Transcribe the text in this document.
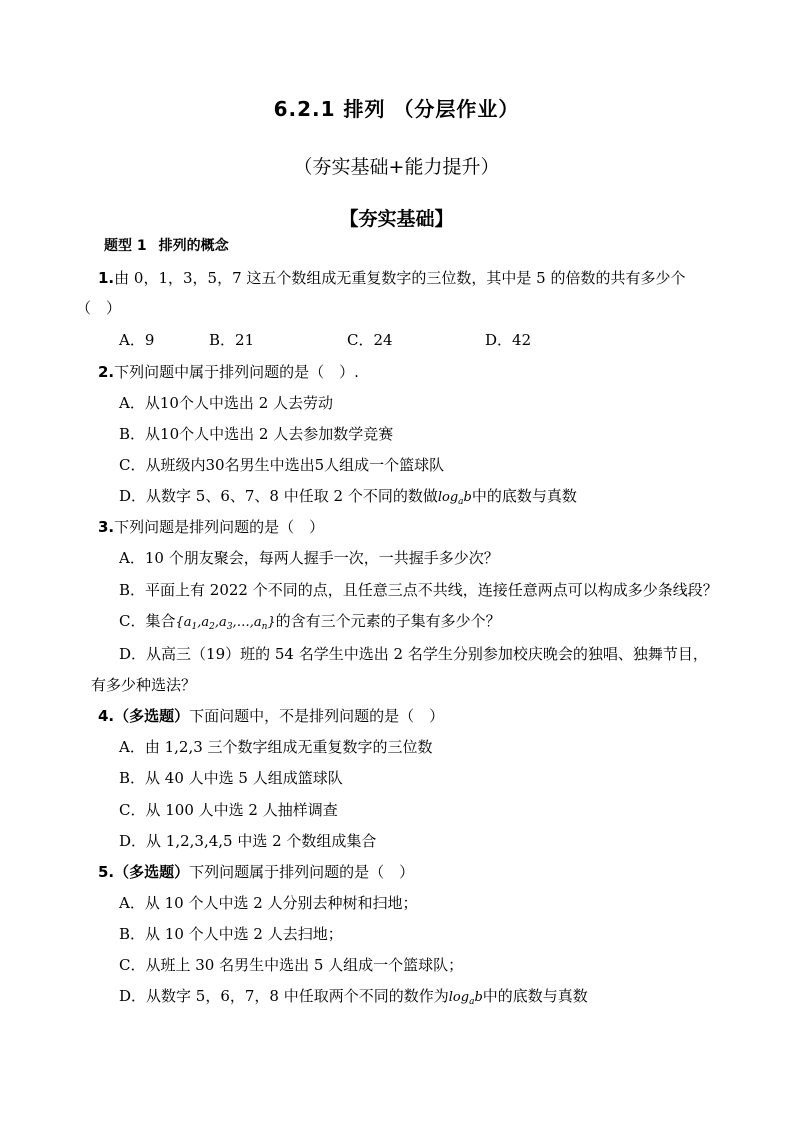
6.2.1 排列 （分层作业）
（夯实基础+能力提升）
【夯实基础】
题型 1 排列的概念
1.由 0，1，3，5，7 这五个数组成无重复数字的三位数，其中是 5 的倍数的共有多少个
（　）
A．9	B．21	C．24	D．42
2.下列问题中属于排列问题的是（　）.
A．从10个人中选出 2 人去劳动
B．从10个人中选出 2 人去参加数学竞赛
C．从班级内30名男生中选出5人组成一个篮球队
D．从数字 5、6、7、8 中任取 2 个不同的数做$\log_ab$中的底数与真数
3.下列问题是排列问题的是（　）
A．10 个朋友聚会，每两人握手一次，一共握手多少次？
B．平面上有 2022 个不同的点，且任意三点不共线，连接任意两点可以构成多少条线段？
C．集合$\{a_1,a_2,a_3,\dots,a_n\}$的含有三个元素的子集有多少个？
D．从高三（19）班的 54 名学生中选出 2 名学生分别参加校庆晚会的独唱、独舞节目，
有多少种选法？
4.（多选题）下面问题中，不是排列问题的是（　）
A．由 1,2,3 三个数字组成无重复数字的三位数
B．从 40 人中选 5 人组成篮球队
C．从 100 人中选 2 人抽样调查
D．从 1,2,3,4,5 中选 2 个数组成集合
5.（多选题）下列问题属于排列问题的是（　）
A．从 10 个人中选 2 人分别去种树和扫地；
B．从 10 个人中选 2 人去扫地；
C．从班上 30 名男生中选出 5 人组成一个篮球队；
D．从数字 5，6，7，8 中任取两个不同的数作为$\log_ab$中的底数与真数
